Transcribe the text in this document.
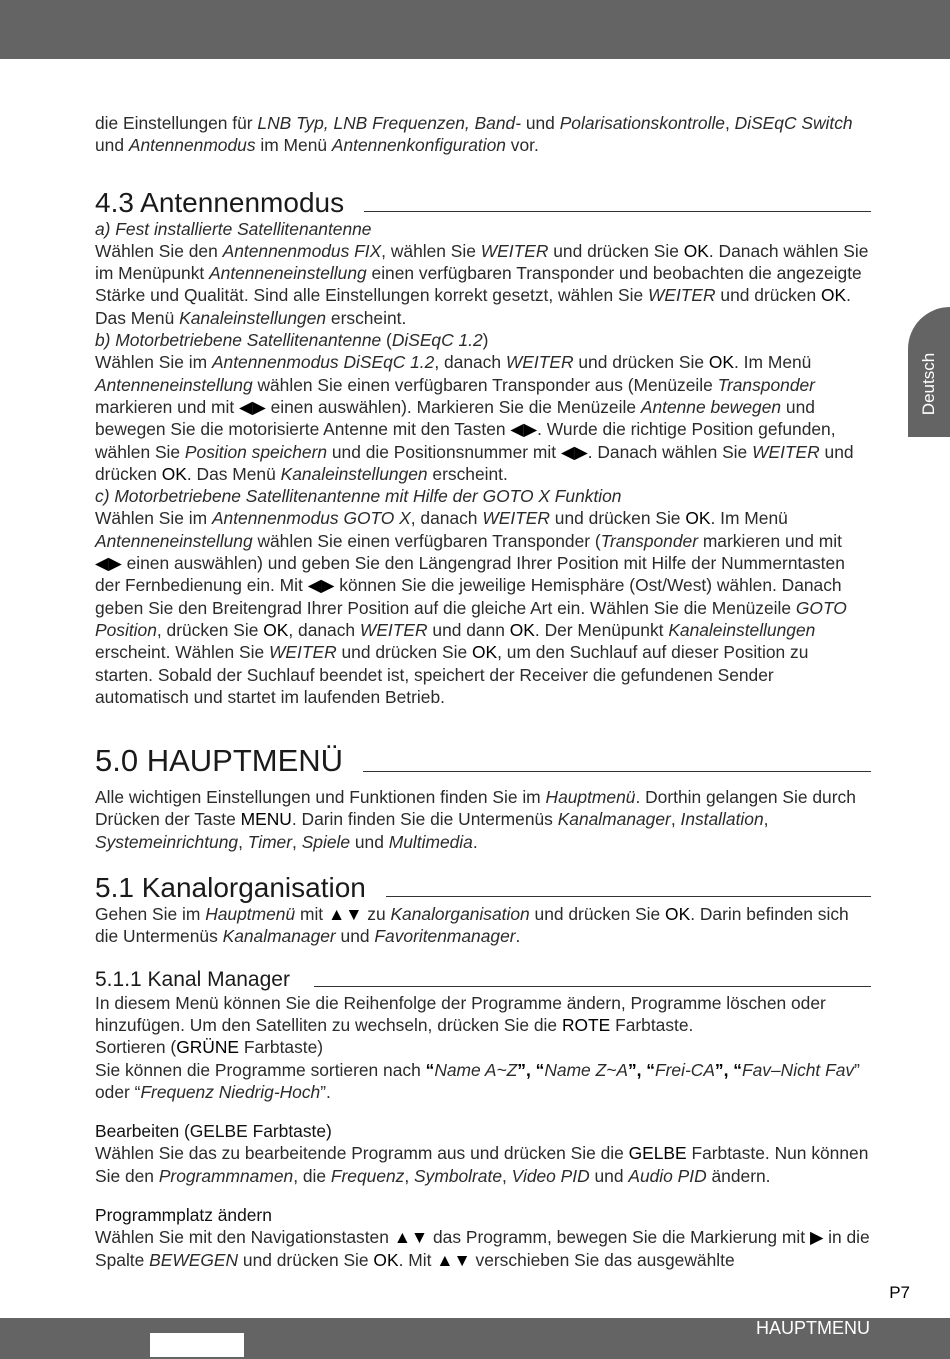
Deutsch

die Einstellungen für LNB Typ, LNB Frequenzen, Band- und Polarisationskontrolle, DiSEqC Switch und Antennenmodus im Menü Antennenkonfiguration vor.

4.3 Antennenmodus

a) Fest installierte Satellitenantenne

Wählen Sie den Antennenmodus FIX, wählen Sie WEITER und drücken Sie OK. Danach wählen Sie im Menüpunkt Antenneneinstellung einen verfügbaren Transponder und beobachten die angezeigte Stärke und Qualität. Sind alle Einstellungen korrekt gesetzt, wählen Sie WEITER und drücken OK. Das Menü Kanaleinstellungen erscheint.

b) Motorbetriebene Satellitenantenne (DiSEqC 1.2)

Wählen Sie im Antennenmodus DiSEqC 1.2, danach WEITER und drücken Sie OK. Im Menü Antenneneinstellung wählen Sie einen verfügbaren Transponder aus (Menüzeile Transponder markieren und mit ◀▶ einen auswählen). Markieren Sie die Menüzeile Antenne bewegen und bewegen Sie die motorisierte Antenne mit den Tasten ◀▶. Wurde die richtige Position gefunden, wählen Sie Position speichern und die Positionsnummer mit ◀▶. Danach wählen Sie WEITER und drücken OK. Das Menü Kanaleinstellungen erscheint.

c) Motorbetriebene Satellitenantenne mit Hilfe der GOTO X Funktion

Wählen Sie im Antennenmodus GOTO X, danach WEITER und drücken Sie OK. Im Menü Antenneneinstellung wählen Sie einen verfügbaren Transponder (Transponder markieren und mit ◀▶ einen auswählen) und geben Sie den Längengrad Ihrer Position mit Hilfe der Nummerntasten der Fernbedienung ein. Mit ◀▶ können Sie die jeweilige Hemisphäre (Ost/West) wählen. Danach geben Sie den Breitengrad Ihrer Position auf die gleiche Art ein. Wählen Sie die Menüzeile GOTO Position, drücken Sie OK, danach WEITER und dann OK. Der Menüpunkt Kanaleinstellungen erscheint. Wählen Sie WEITER und drücken Sie OK, um den Suchlauf auf dieser Position zu starten. Sobald der Suchlauf beendet ist, speichert der Receiver die gefundenen Sender automatisch und startet im laufenden Betrieb.

5.0 HAUPTMENÜ

Alle wichtigen Einstellungen und Funktionen finden Sie im Hauptmenü. Dorthin gelangen Sie durch Drücken der Taste MENU. Darin finden Sie die Untermenüs Kanalmanager, Installation, Systemeinrichtung, Timer, Spiele und Multimedia.

5.1 Kanalorganisation

Gehen Sie im Hauptmenü mit ▲▼ zu Kanalorganisation und drücken Sie OK. Darin befinden sich die Untermenüs Kanalmanager und Favoritenmanager.

5.1.1 Kanal Manager

In diesem Menü können Sie die Reihenfolge der Programme ändern, Programme löschen oder hinzufügen. Um den Satelliten zu wechseln, drücken Sie die ROTE Farbtaste.

Sortieren (GRÜNE Farbtaste)

Sie können die Programme sortieren nach “Name A~Z”, “Name Z~A”, “Frei-CA”, “Fav–Nicht Fav” oder “Frequenz Niedrig-Hoch”.

Bearbeiten (GELBE Farbtaste)

Wählen Sie das zu bearbeitende Programm aus und drücken Sie die GELBE Farbtaste. Nun können Sie den Programmnamen, die Frequenz, Symbolrate, Video PID und Audio PID ändern.

Programmplatz ändern

Wählen Sie mit den Navigationstasten ▲▼ das Programm, bewegen Sie die Markierung mit ▶ in die Spalte BEWEGEN und drücken Sie OK. Mit ▲▼ verschieben Sie das ausgewählte

P7
HAUPTMENU
